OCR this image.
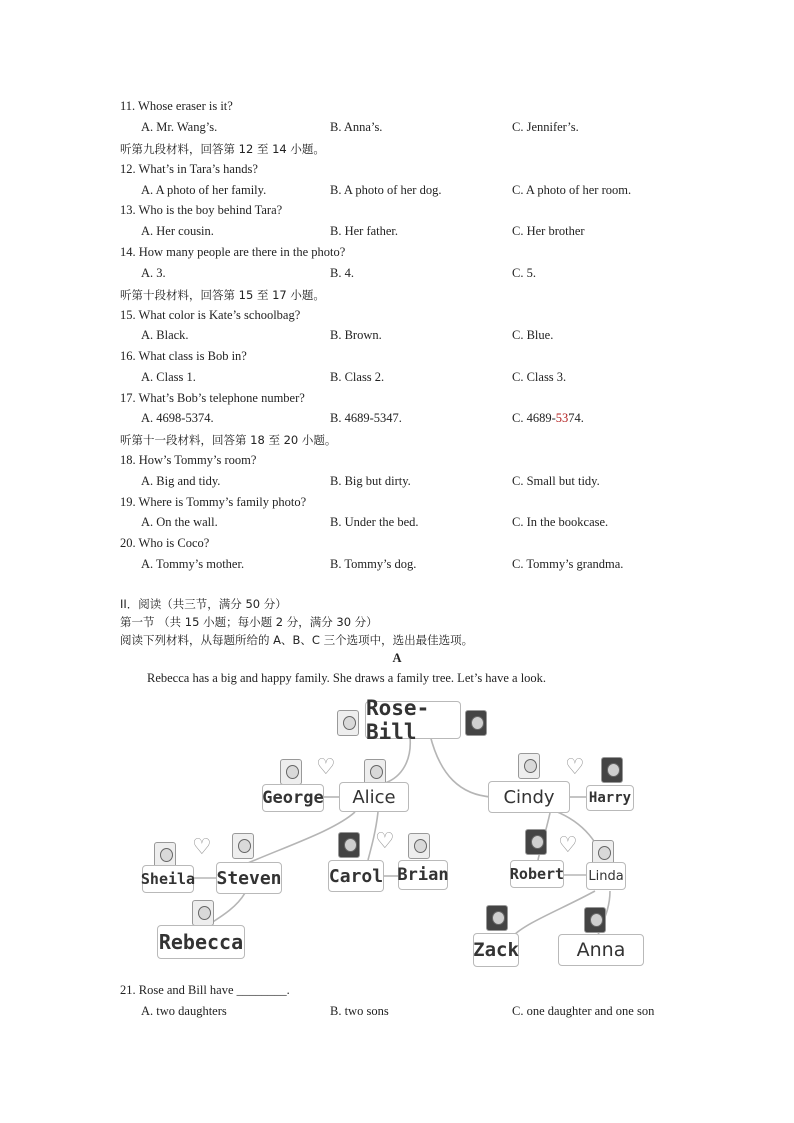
11. Whose eraser is it?
A. Mr. Wang’s.	B. Anna’s.	C. Jennifer’s.
听第九段材料，回答第 12 至 14 小题。
12. What’s in Tara’s hands?
A. A photo of her family.	B. A photo of her dog.	C. A photo of her room.
13. Who is the boy behind Tara?
A. Her cousin.	B. Her father.	C. Her brother
14. How many people are there in the photo?
A. 3.	B. 4.	C. 5.
听第十段材料，回答第 15 至 17 小题。
15. What color is Kate’s schoolbag?
A. Black.	B. Brown.	C. Blue.
16. What class is Bob in?
A. Class 1.	B. Class 2.	C. Class 3.
17. What’s Bob’s telephone number?
A. 4698-5374.	B. 4689-5347.	C. 4689-5374.
听第十一段材料，回答第 18 至 20 小题。
18. How’s Tommy’s room?
A. Big and tidy.	B. Big but dirty.	C. Small but tidy.
19. Where is Tommy’s family photo?
A. On the wall.	B. Under the bed.	C. In the bookcase.
20. Who is Coco?
A. Tommy’s mother.	B. Tommy’s dog.	C. Tommy’s grandma.
II．阅读（共三节，满分 50 分）
第一节 （共 15 小题；每小题 2 分，满分 30 分）
阅读下列材料，从每题所给的 A、B、C 三个选项中，选出最佳选项。
A
Rebecca has a big and happy family. She draws a family tree. Let’s have a look.
Rose-Bill
♡
George	Alice
♡
Cindy	Harry
♡
Sheila Steven
♡
Carol Brian
♡
Robert Linda
Rebecca	Zack	Anna
21. Rose and Bill have ________.
A. two daughters	B. two sons	C. one daughter and one son
